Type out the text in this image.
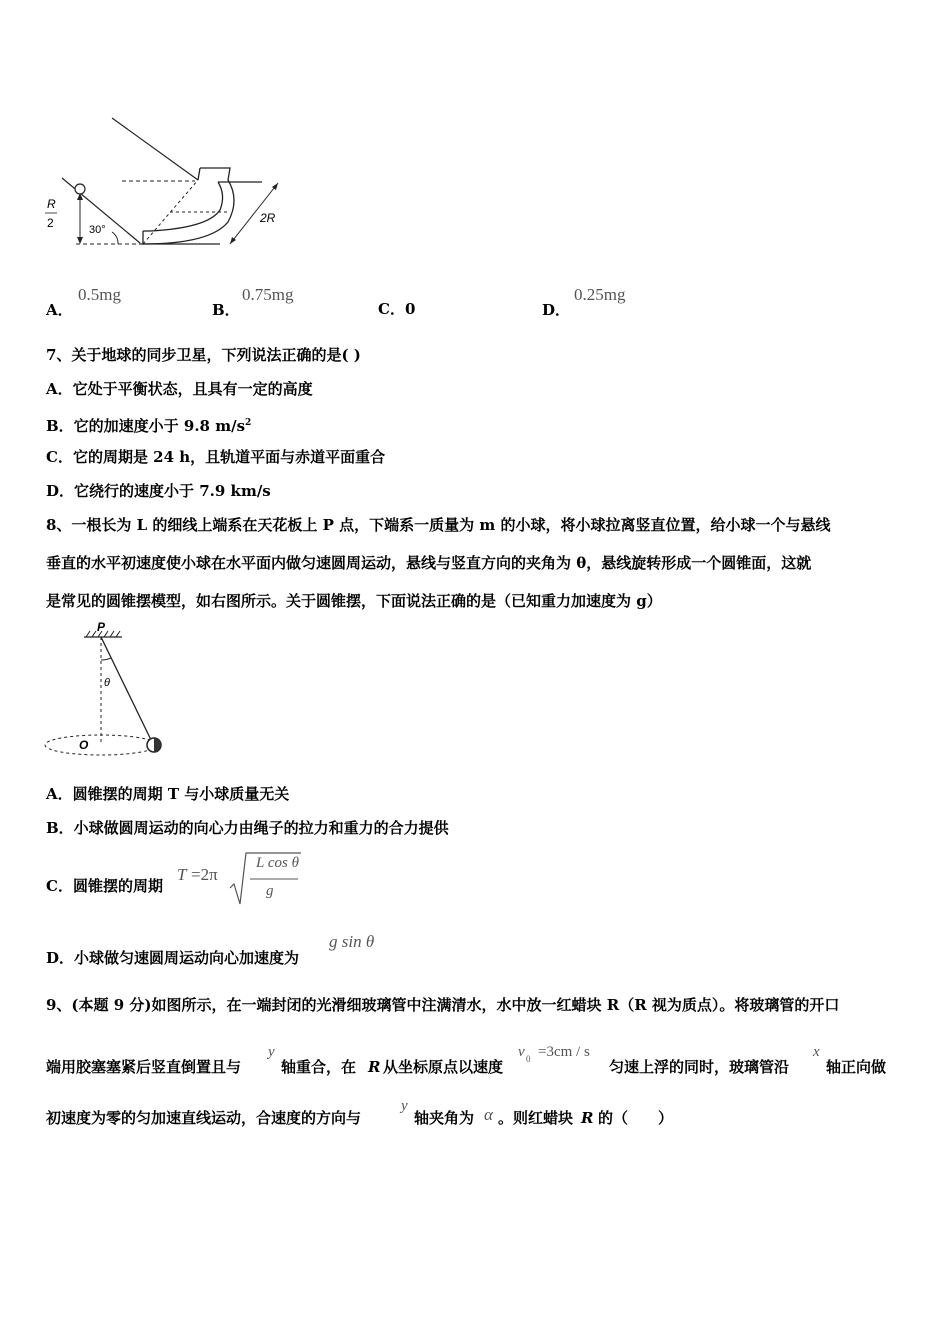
R
2	30°
2R
A．
0.5mg
B．
0.75mg
C．0	D．
0.25mg
7、关于地球的同步卫星，下列说法正确的是( )
A．它处于平衡状态，且具有一定的高度
B．它的加速度小于 9.8 $m/s^2$
C．它的周期是 24 h，且轨道平面与赤道平面重合
D．它绕行的速度小于 7.9 km/s
8、一根长为 L 的细线上端系在天花板上 P 点，下端系一质量为 m 的小球，将小球拉离竖直位置，给小球一个与悬线
垂直的水平初速度使小球在水平面内做匀速圆周运动，悬线与竖直方向的夹角为 θ，悬线旋转形成一个圆锥面，这就
是常见的圆锥摆模型，如右图所示。关于圆锥摆，下面说法正确的是（已知重力加速度为 g）
P
θ
O
A．圆锥摆的周期 T 与小球质量无关
B．小球做圆周运动的向心力由绳子的拉力和重力的合力提供
C．圆锥摆的周期
T =2π
L cos θ
g
D．小球做匀速圆周运动向心加速度为
g sin θ
9、(本题 9 分)如图所示，在一端封闭的光滑细玻璃管中注满清水，水中放一红蜡块 R（R 视为质点）。将玻璃管的开口
端用胶塞塞紧后竖直倒置且与
y
轴重合，在 R 从坐标原点以速度
v 0 =3cm / s
匀速上浮的同时，玻璃管沿
x
轴正向做
初速度为零的匀加速直线运动，合速度的方向与
y
轴夹角为 α 。则红蜡块 R 的（　　）
